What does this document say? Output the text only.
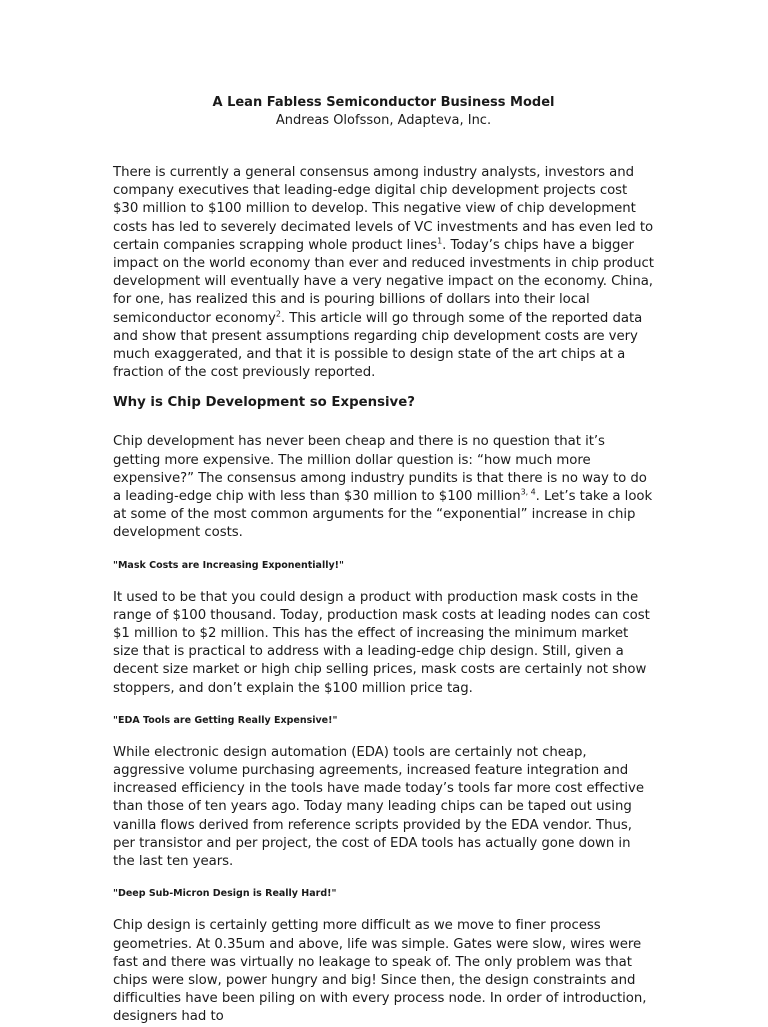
A Lean Fabless Semiconductor Business Model
Andreas Olofsson, Adapteva, Inc.

There is currently a general consensus among industry analysts, investors and company executives that leading-edge digital chip development projects cost $30 million to $100 million to develop. This negative view of chip development costs has led to severely decimated levels of VC investments and has even led to certain companies scrapping whole product lines$^1$. Today’s chips have a bigger impact on the world economy than ever and reduced investments in chip product development will eventually have a very negative impact on the economy. China, for one, has realized this and is pouring billions of dollars into their local semiconductor economy$^2$. This article will go through some of the reported data and show that present assumptions regarding chip development costs are very much exaggerated, and that it is possible to design state of the art chips at a fraction of the cost previously reported.

Why is Chip Development so Expensive?

Chip development has never been cheap and there is no question that it’s getting more expensive. The million dollar question is: “how much more expensive?” The consensus among industry pundits is that there is no way to do a leading-edge chip with less than $30 million to $100 million$^{3, 4}$. Let’s take a look at some of the most common arguments for the “exponential” increase in chip development costs.

"Mask Costs are Increasing Exponentially!"

It used to be that you could design a product with production mask costs in the range of $100 thousand. Today, production mask costs at leading nodes can cost $1 million to $2 million. This has the effect of increasing the minimum market size that is practical to address with a leading-edge chip design. Still, given a decent size market or high chip selling prices, mask costs are certainly not show stoppers, and don’t explain the $100 million price tag.

"EDA Tools are Getting Really Expensive!"

While electronic design automation (EDA) tools are certainly not cheap, aggressive volume purchasing agreements, increased feature integration and increased efficiency in the tools have made today’s tools far more cost effective than those of ten years ago. Today many leading chips can be taped out using vanilla flows derived from reference scripts provided by the EDA vendor. Thus, per transistor and per project, the cost of EDA tools has actually gone down in the last ten years.

"Deep Sub-Micron Design is Really Hard!"

Chip design is certainly getting more difficult as we move to finer process geometries. At 0.35um and above, life was simple. Gates were slow, wires were fast and there was virtually no leakage to speak of. The only problem was that chips were slow, power hungry and big! Since then, the design constraints and difficulties have been piling on with every process node. In order of introduction, designers had to
